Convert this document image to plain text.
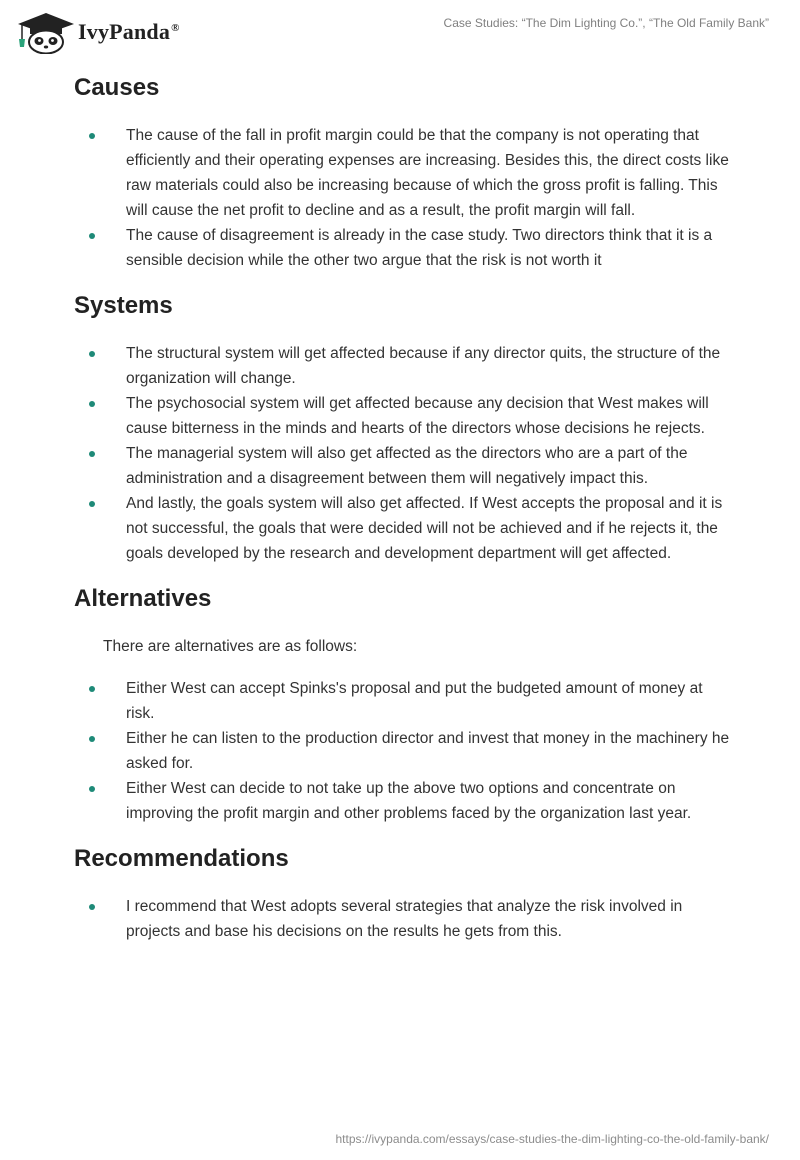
IvyPanda®	Case Studies: “The Dim Lighting Co.”, “The Old Family Bank”
Causes
The cause of the fall in profit margin could be that the company is not operating that efficiently and their operating expenses are increasing. Besides this, the direct costs like raw materials could also be increasing because of which the gross profit is falling. This will cause the net profit to decline and as a result, the profit margin will fall.
The cause of disagreement is already in the case study. Two directors think that it is a sensible decision while the other two argue that the risk is not worth it
Systems
The structural system will get affected because if any director quits, the structure of the organization will change.
The psychosocial system will get affected because any decision that West makes will cause bitterness in the minds and hearts of the directors whose decisions he rejects.
The managerial system will also get affected as the directors who are a part of the administration and a disagreement between them will negatively impact this.
And lastly, the goals system will also get affected. If West accepts the proposal and it is not successful, the goals that were decided will not be achieved and if he rejects it, the goals developed by the research and development department will get affected.
Alternatives

There are alternatives are as follows:

Either West can accept Spinks's proposal and put the budgeted amount of money at risk.
Either he can listen to the production director and invest that money in the machinery he asked for.
Either West can decide to not take up the above two options and concentrate on improving the profit margin and other problems faced by the organization last year.
Recommendations
I recommend that West adopts several strategies that analyze the risk involved in projects and base his decisions on the results he gets from this.
https://ivypanda.com/essays/case-studies-the-dim-lighting-co-the-old-family-bank/
